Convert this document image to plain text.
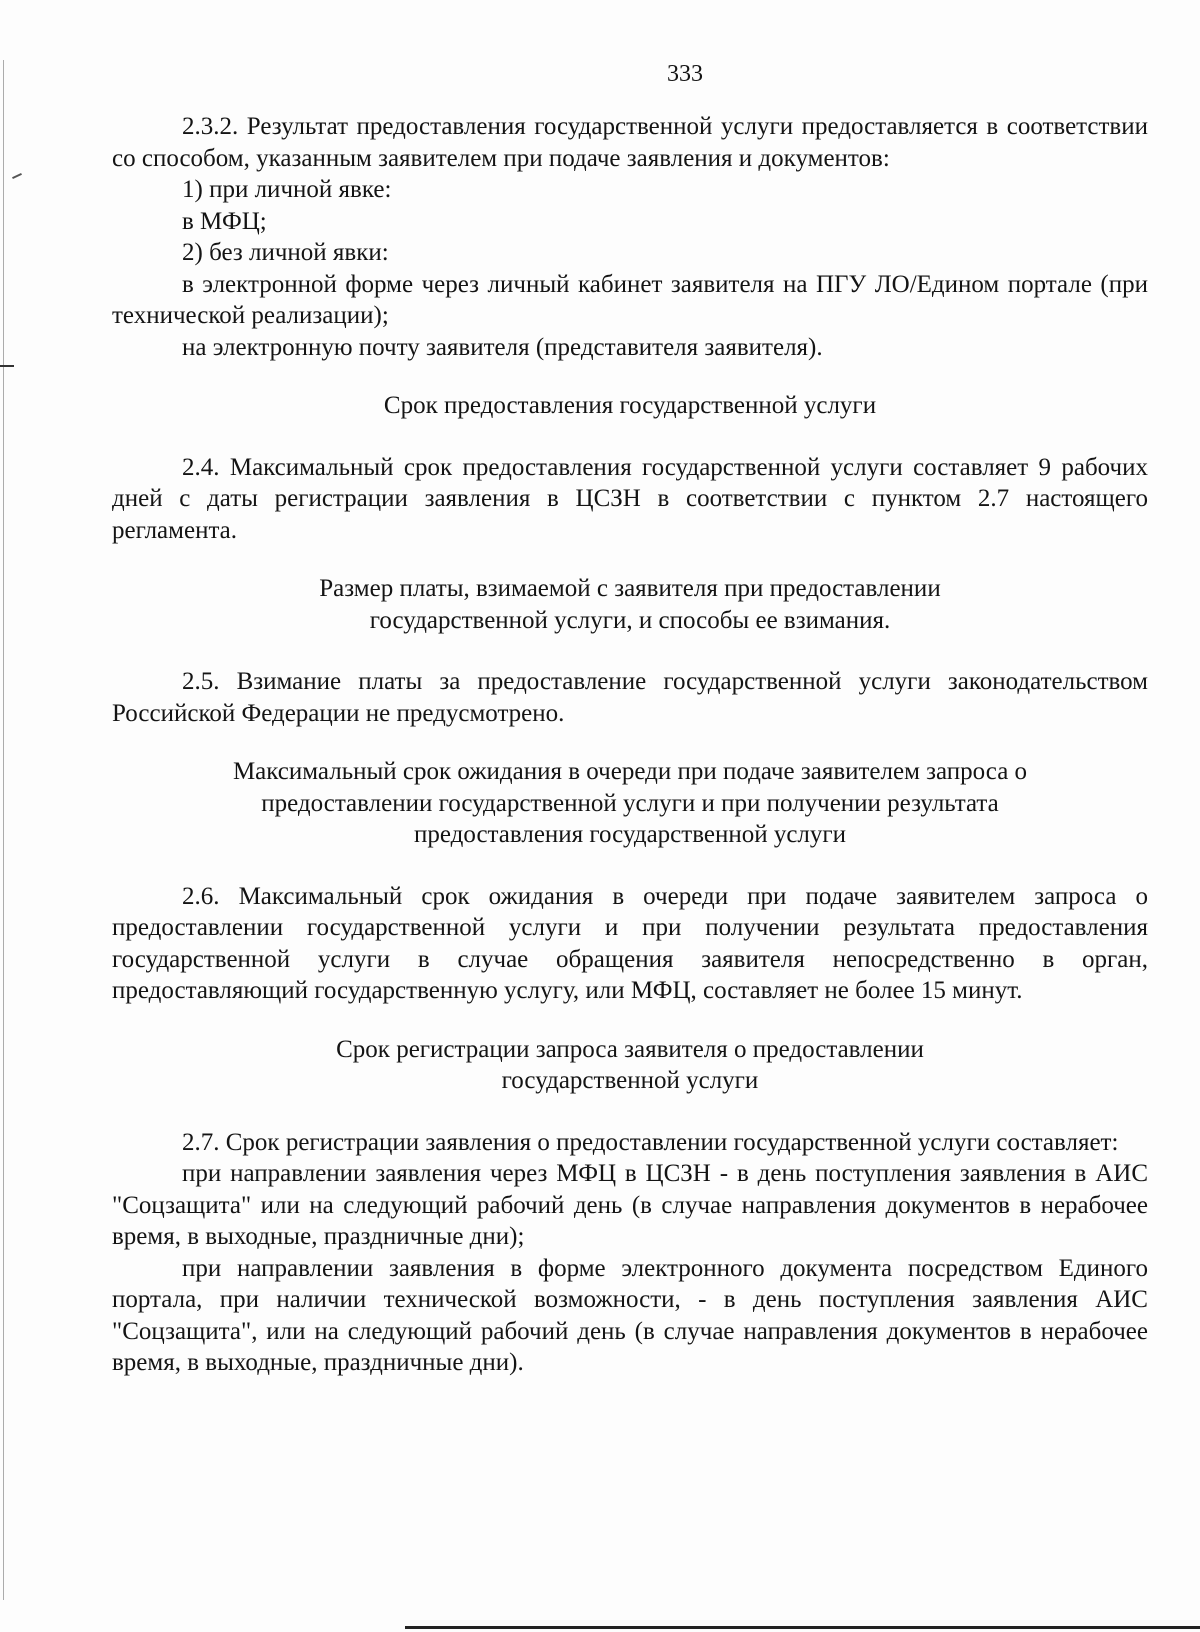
333

2.3.2. Результат предоставления государственной услуги предоставляется в соответствии со способом, указанным заявителем при подаче заявления и документов:

1) при личной явке:

в МФЦ;

2) без личной явки:

в электронной форме через личный кабинет заявителя на ПГУ ЛО/Едином портале (при технической реализации);

на электронную почту заявителя (представителя заявителя).

Срок предоставления государственной услуги

2.4. Максимальный срок предоставления государственной услуги составляет 9 рабочих дней с даты регистрации заявления в ЦСЗН в соответствии с пунктом 2.7 настоящего регламента.

Размер платы, взимаемой с заявителя при предоставлении
государственной услуги, и способы ее взимания.

2.5. Взимание платы за предоставление государственной услуги законодательством Российской Федерации не предусмотрено.

Максимальный срок ожидания в очереди при подаче заявителем запроса о
предоставлении государственной услуги и при получении результата
предоставления государственной услуги

2.6. Максимальный срок ожидания в очереди при подаче заявителем запроса о предоставлении государственной услуги и при получении результата предоставления государственной услуги в случае обращения заявителя непосредственно в орган, предоставляющий государственную услугу, или МФЦ, составляет не более 15 минут.

Срок регистрации запроса заявителя о предоставлении
государственной услуги

2.7. Срок регистрации заявления о предоставлении государственной услуги составляет:

при направлении заявления через МФЦ в ЦСЗН - в день поступления заявления в АИС "Соцзащита" или на следующий рабочий день (в случае направления документов в нерабочее время, в выходные, праздничные дни);

при направлении заявления в форме электронного документа посредством Единого портала, при наличии технической возможности, - в день поступления заявления АИС "Соцзащита", или на следующий рабочий день (в случае направления документов в нерабочее время, в выходные, праздничные дни).
